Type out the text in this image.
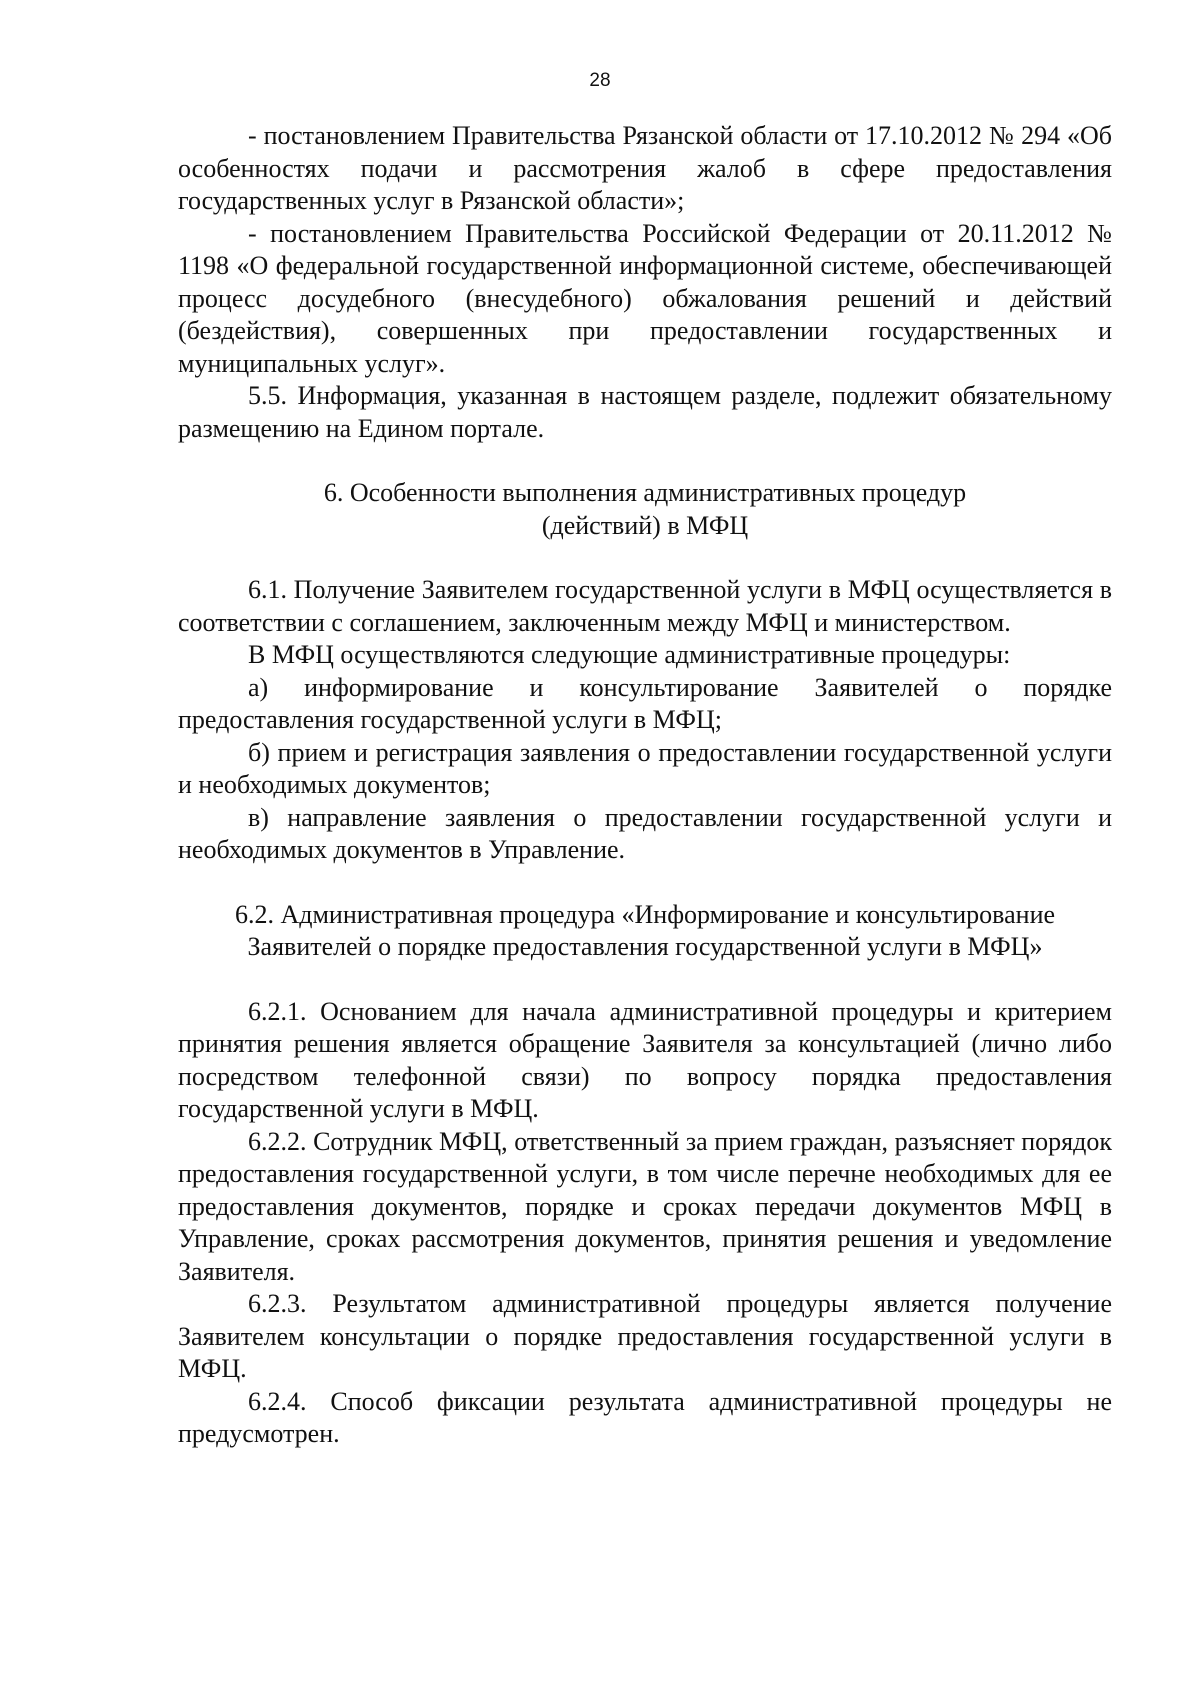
28

- постановлением Правительства Рязанской области от 17.10.2012 № 294 «Об особенностях подачи и рассмотрения жалоб в сфере предоставления государственных услуг в Рязанской области»;

- постановлением Правительства Российской Федерации от 20.11.2012 № 1198 «О федеральной государственной информационной системе, обеспечивающей процесс досудебного (внесудебного) обжалования решений и действий (бездействия), совершенных при предоставлении государственных и муниципальных услуг».

5.5. Информация, указанная в настоящем разделе, подлежит обязательному размещению на Едином портале.

6. Особенности выполнения административных процедур
(действий) в МФЦ

6.1. Получение Заявителем государственной услуги в МФЦ осуществляется в соответствии с соглашением, заключенным между МФЦ и министерством.

В МФЦ осуществляются следующие административные процедуры:

а) информирование и консультирование Заявителей о порядке предоставления государственной услуги в МФЦ;

б) прием и регистрация заявления о предоставлении государственной услуги и необходимых документов;

в) направление заявления о предоставлении государственной услуги и необходимых документов в Управление.

6.2. Административная процедура «Информирование и консультирование
Заявителей о порядке предоставления государственной услуги в МФЦ»

6.2.1. Основанием для начала административной процедуры и критерием принятия решения является обращение Заявителя за консультацией (лично либо посредством телефонной связи) по вопросу порядка предоставления государственной услуги в МФЦ.

6.2.2. Сотрудник МФЦ, ответственный за прием граждан, разъясняет порядок предоставления государственной услуги, в том числе перечне необходимых для ее предоставления документов, порядке и сроках передачи документов МФЦ в Управление, сроках рассмотрения документов, принятия решения и уведомление Заявителя.

6.2.3. Результатом административной процедуры является получение Заявителем консультации о порядке предоставления государственной услуги в МФЦ.

6.2.4. Способ фиксации результата административной процедуры не предусмотрен.
